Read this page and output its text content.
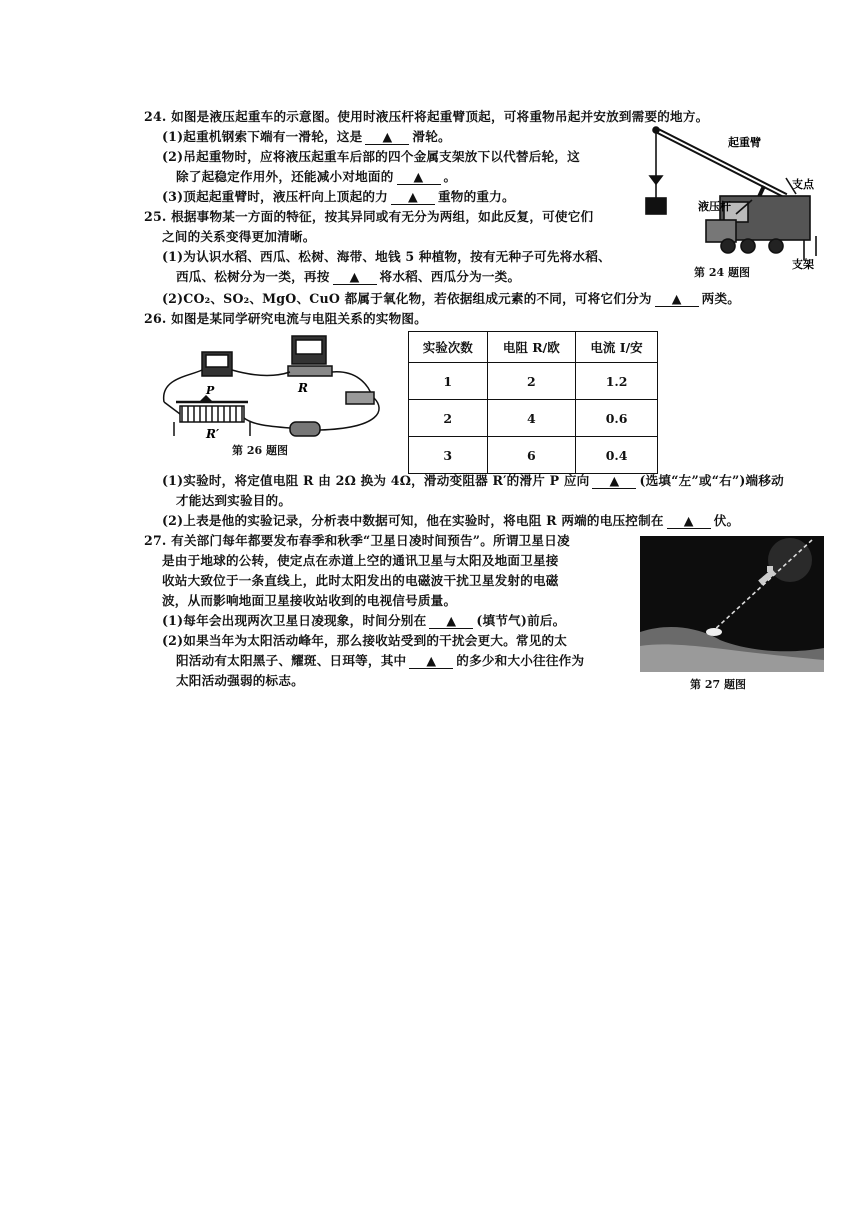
24. 如图是液压起重车的示意图。使用时液压杆将起重臂顶起，可将重物吊起并安放到需要的地方。
(1)起重机钢索下端有一滑轮，这是 ▲ 滑轮。
(2)吊起重物时，应将液压起重车后部的四个金属支架放下以代替后轮，这
除了起稳定作用外，还能减小对地面的 ▲ 。
(3)顶起起重臂时，液压杆向上顶起的力 ▲ 重物的重力。
起重臂
支点
液压杆
支架
第 24 题图
25. 根据事物某一方面的特征，按其异同或有无分为两组，如此反复，可使它们
之间的关系变得更加清晰。
(1)为认识水稻、西瓜、松树、海带、地钱 5 种植物，按有无种子可先将水稻、
西瓜、松树分为一类，再按 ▲ 将水稻、西瓜分为一类。
(2)CO₂、SO₂、MgO、CuO 都属于氧化物，若依据组成元素的不同，可将它们分为 ▲ 两类。
26. 如图是某同学研究电流与电阻关系的实物图。
P	R
R′
第 26 题图
实验次数	电阻 R/欧	电流 I/安
1	2	1.2
2	4	0.6
3	6	0.4
(1)实验时，将定值电阻 R 由 2Ω 换为 4Ω，滑动变阻器 R′的滑片 P 应向 ▲ (选填“左”或“右”)端移动
才能达到实验目的。
(2)上表是他的实验记录，分析表中数据可知，他在实验时，将电阻 R 两端的电压控制在 ▲ 伏。
27. 有关部门每年都要发布春季和秋季“卫星日凌时间预告”。所谓卫星日凌
是由于地球的公转，使定点在赤道上空的通讯卫星与太阳及地面卫星接
收站大致位于一条直线上，此时太阳发出的电磁波干扰卫星发射的电磁
波，从而影响地面卫星接收站收到的电视信号质量。
(1)每年会出现两次卫星日凌现象，时间分别在 ▲ (填节气)前后。
(2)如果当年为太阳活动峰年，那么接收站受到的干扰会更大。常见的太
阳活动有太阳黑子、耀斑、日珥等，其中 ▲ 的多少和大小往往作为
太阳活动强弱的标志。	第 27 题图
